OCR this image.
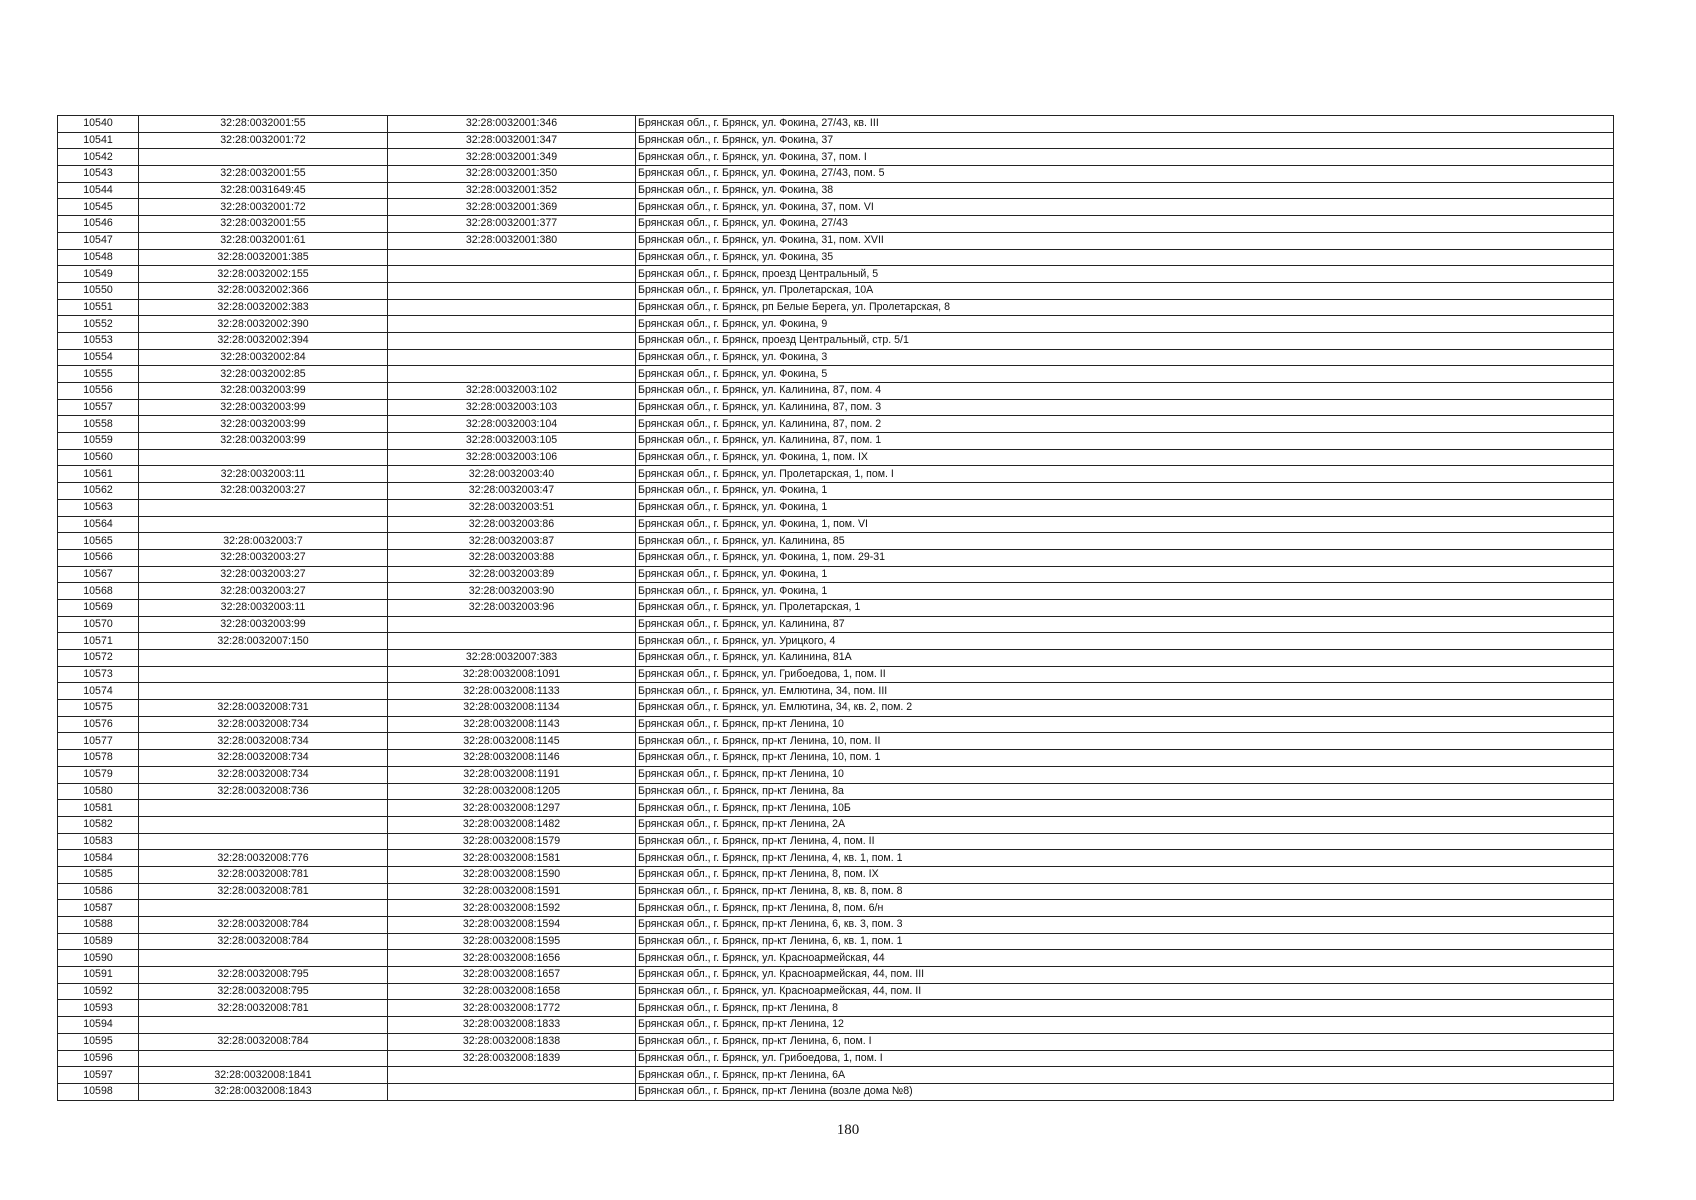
10540	32:28:0032001:55	32:28:0032001:346	Брянская обл., г. Брянск, ул. Фокина, 27/43, кв. III
10541	32:28:0032001:72	32:28:0032001:347	Брянская обл., г. Брянск, ул. Фокина, 37
10542		32:28:0032001:349	Брянская обл., г. Брянск, ул. Фокина, 37, пом. I
10543	32:28:0032001:55	32:28:0032001:350	Брянская обл., г. Брянск, ул. Фокина, 27/43, пом. 5
10544	32:28:0031649:45	32:28:0032001:352	Брянская обл., г. Брянск, ул. Фокина, 38
10545	32:28:0032001:72	32:28:0032001:369	Брянская обл., г. Брянск, ул. Фокина, 37, пом. VI
10546	32:28:0032001:55	32:28:0032001:377	Брянская обл., г. Брянск, ул. Фокина, 27/43
10547	32:28:0032001:61	32:28:0032001:380	Брянская обл., г. Брянск, ул. Фокина, 31, пом. XVII
10548	32:28:0032001:385		Брянская обл., г. Брянск, ул. Фокина, 35
10549	32:28:0032002:155		Брянская обл., г. Брянск, проезд Центральный, 5
10550	32:28:0032002:366		Брянская обл., г. Брянск, ул. Пролетарская, 10А
10551	32:28:0032002:383		Брянская обл., г. Брянск, рп Белые Берега, ул. Пролетарская, 8
10552	32:28:0032002:390		Брянская обл., г. Брянск, ул. Фокина, 9
10553	32:28:0032002:394		Брянская обл., г. Брянск, проезд Центральный, стр. 5/1
10554	32:28:0032002:84		Брянская обл., г. Брянск, ул. Фокина, 3
10555	32:28:0032002:85		Брянская обл., г. Брянск, ул. Фокина, 5
10556	32:28:0032003:99	32:28:0032003:102	Брянская обл., г. Брянск, ул. Калинина, 87, пом. 4
10557	32:28:0032003:99	32:28:0032003:103	Брянская обл., г. Брянск, ул. Калинина, 87, пом. 3
10558	32:28:0032003:99	32:28:0032003:104	Брянская обл., г. Брянск, ул. Калинина, 87, пом. 2
10559	32:28:0032003:99	32:28:0032003:105	Брянская обл., г. Брянск, ул. Калинина, 87, пом. 1
10560		32:28:0032003:106	Брянская обл., г. Брянск, ул. Фокина, 1, пом. IX
10561	32:28:0032003:11	32:28:0032003:40	Брянская обл., г. Брянск, ул. Пролетарская, 1, пом. I
10562	32:28:0032003:27	32:28:0032003:47	Брянская обл., г. Брянск, ул. Фокина, 1
10563		32:28:0032003:51	Брянская обл., г. Брянск, ул. Фокина, 1
10564		32:28:0032003:86	Брянская обл., г. Брянск, ул. Фокина, 1, пом. VI
10565	32:28:0032003:7	32:28:0032003:87	Брянская обл., г. Брянск, ул. Калинина, 85
10566	32:28:0032003:27	32:28:0032003:88	Брянская обл., г. Брянск, ул. Фокина, 1, пом. 29-31
10567	32:28:0032003:27	32:28:0032003:89	Брянская обл., г. Брянск, ул. Фокина, 1
10568	32:28:0032003:27	32:28:0032003:90	Брянская обл., г. Брянск, ул. Фокина, 1
10569	32:28:0032003:11	32:28:0032003:96	Брянская обл., г. Брянск, ул. Пролетарская, 1
10570	32:28:0032003:99		Брянская обл., г. Брянск, ул. Калинина, 87
10571	32:28:0032007:150		Брянская обл., г. Брянск, ул. Урицкого, 4
10572		32:28:0032007:383	Брянская обл., г. Брянск, ул. Калинина, 81А
10573		32:28:0032008:1091	Брянская обл., г. Брянск, ул. Грибоедова, 1, пом. II
10574		32:28:0032008:1133	Брянская обл., г. Брянск, ул. Емлютина, 34, пом. III
10575	32:28:0032008:731	32:28:0032008:1134	Брянская обл., г. Брянск, ул. Емлютина, 34, кв. 2, пом. 2
10576	32:28:0032008:734	32:28:0032008:1143	Брянская обл., г. Брянск, пр-кт Ленина, 10
10577	32:28:0032008:734	32:28:0032008:1145	Брянская обл., г. Брянск, пр-кт Ленина, 10, пом. II
10578	32:28:0032008:734	32:28:0032008:1146	Брянская обл., г. Брянск, пр-кт Ленина, 10, пом. 1
10579	32:28:0032008:734	32:28:0032008:1191	Брянская обл., г. Брянск, пр-кт Ленина, 10
10580	32:28:0032008:736	32:28:0032008:1205	Брянская обл., г. Брянск, пр-кт Ленина, 8а
10581		32:28:0032008:1297	Брянская обл., г. Брянск, пр-кт Ленина, 10Б
10582		32:28:0032008:1482	Брянская обл., г. Брянск, пр-кт Ленина, 2А
10583		32:28:0032008:1579	Брянская обл., г. Брянск, пр-кт Ленина, 4, пом. II
10584	32:28:0032008:776	32:28:0032008:1581	Брянская обл., г. Брянск, пр-кт Ленина, 4, кв. 1, пом. 1
10585	32:28:0032008:781	32:28:0032008:1590	Брянская обл., г. Брянск, пр-кт Ленина, 8, пом. IX
10586	32:28:0032008:781	32:28:0032008:1591	Брянская обл., г. Брянск, пр-кт Ленина, 8, кв. 8, пом. 8
10587		32:28:0032008:1592	Брянская обл., г. Брянск, пр-кт Ленина, 8, пом. 6/н
10588	32:28:0032008:784	32:28:0032008:1594	Брянская обл., г. Брянск, пр-кт Ленина, 6, кв. 3, пом. 3
10589	32:28:0032008:784	32:28:0032008:1595	Брянская обл., г. Брянск, пр-кт Ленина, 6, кв. 1, пом. 1
10590		32:28:0032008:1656	Брянская обл., г. Брянск, ул. Красноармейская, 44
10591	32:28:0032008:795	32:28:0032008:1657	Брянская обл., г. Брянск, ул. Красноармейская, 44, пом. III
10592	32:28:0032008:795	32:28:0032008:1658	Брянская обл., г. Брянск, ул. Красноармейская, 44, пом. II
10593	32:28:0032008:781	32:28:0032008:1772	Брянская обл., г. Брянск, пр-кт Ленина, 8
10594		32:28:0032008:1833	Брянская обл., г. Брянск, пр-кт Ленина, 12
10595	32:28:0032008:784	32:28:0032008:1838	Брянская обл., г. Брянск, пр-кт Ленина, 6, пом. I
10596		32:28:0032008:1839	Брянская обл., г. Брянск, ул. Грибоедова, 1, пом. I
10597	32:28:0032008:1841		Брянская обл., г. Брянск, пр-кт Ленина, 6А
10598	32:28:0032008:1843		Брянская обл., г. Брянск, пр-кт Ленина (возле дома №8)
180
